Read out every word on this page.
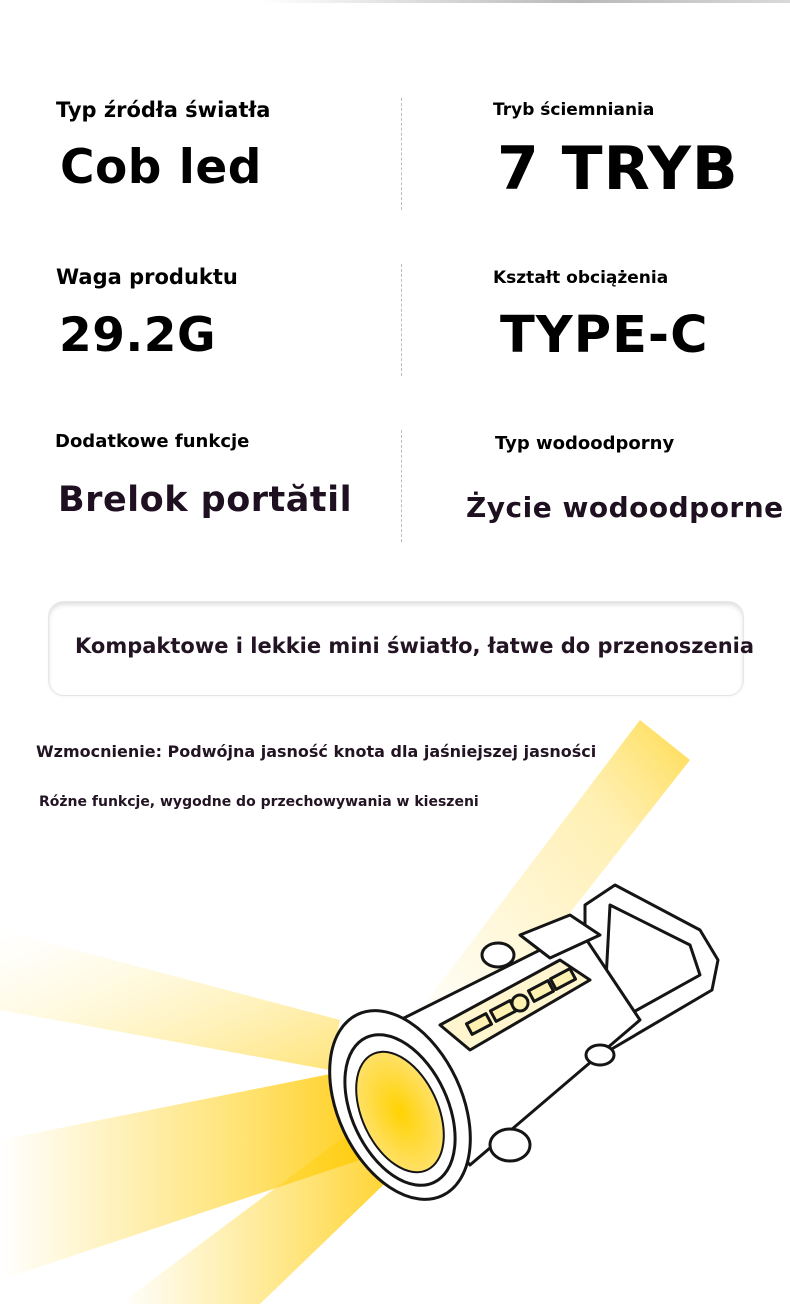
Typ źródła światła
Cob led
Tryb ściemniania
7 TRYB
Waga produktu
29.2G
Kształt obciążenia
TYPE-C
Dodatkowe funkcje
Brelok portătil
Typ wodoodporny
Życie wodoodporne
Kompaktowe i lekkie mini światło, łatwe do przenoszenia
Wzmocnienie: Podwójna jasność knota dla jaśniejszej jasności
Różne funkcje, wygodne do przechowywania w kieszeni
